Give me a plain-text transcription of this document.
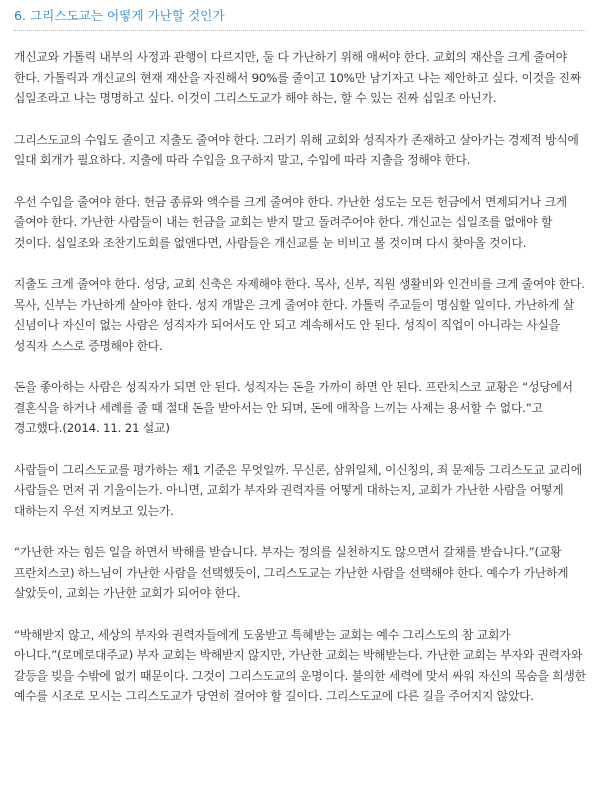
6. 그리스도교는 어떻게 가난할 것인가

개신교와 가톨릭 내부의 사정과 관행이 다르지만, 둘 다 가난하기 위해 애써야 한다. 교회의 재산을 크게 줄여야 한다. 가톨릭과 개신교의 현재 재산을 자진해서 90%를 줄이고 10%만 남기자고 나는 제안하고 싶다. 이것을 진짜 십일조라고 나는 명명하고 싶다. 이것이 그리스도교가 해야 하는, 할 수 있는 진짜 십일조 아닌가.

그리스도교의 수입도 줄이고 지출도 줄여야 한다. 그러기 위해 교회와 성직자가 존재하고 살아가는 경제적 방식에 일대 회개가 필요하다. 지출에 따라 수입을 요구하지 말고, 수입에 따라 지출을 정해야 한다.

우선 수입을 줄여야 한다. 헌금 종류와 액수를 크게 줄여야 한다. 가난한 성도는 모든 헌금에서 면제되거나 크게 줄여야 한다. 가난한 사람들이 내는 헌금을 교회는 받지 말고 돌려주어야 한다. 개신교는 십일조를 없애야 할 것이다. 십일조와 조찬기도회를 없앤다면, 사람들은 개신교를 눈 비비고 볼 것이며 다시 찾아올 것이다.

지출도 크게 줄여야 한다. 성당, 교회 신축은 자제해야 한다. 목사, 신부, 직원 생활비와 인건비를 크게 줄여야 한다. 목사, 신부는 가난하게 살아야 한다. 성지 개발은 크게 줄여야 한다. 가톨릭 주교들이 명심할 일이다. 가난하게 살 신념이나 자신이 없는 사람은 성직자가 되어서도 안 되고 계속해서도 안 된다. 성직이 직업이 아니라는 사실을 성직자 스스로 증명해야 한다.

돈을 좋아하는 사람은 성직자가 되면 안 된다. 성직자는 돈을 가까이 하면 안 된다. 프란치스코 교황은 “성당에서 결혼식을 하거나 세례를 줄 때 절대 돈을 받아서는 안 되며, 돈에 애착을 느끼는 사제는 용서할 수 없다.”고 경고했다.(2014. 11. 21 설교)

사람들이 그리스도교를 평가하는 제1 기준은 무엇일까. 무신론, 삼위일체, 이신칭의, 죄 문제등 그리스도교 교리에 사람들은 먼저 귀 기울이는가. 아니면, 교회가 부자와 권력자를 어떻게 대하는지, 교회가 가난한 사람을 어떻게 대하는지 우선 지켜보고 있는가.

“가난한 자는 힘든 일을 하면서 박해를 받습니다. 부자는 정의를 실천하지도 않으면서 갈채를 받습니다.”(교황 프란치스코) 하느님이 가난한 사람을 선택했듯이, 그리스도교는 가난한 사람을 선택해야 한다. 예수가 가난하게 살았듯이, 교회는 가난한 교회가 되어야 한다.

“박해받지 않고, 세상의 부자와 권력자들에게 도움받고 특혜받는 교회는 예수 그리스도의 참 교회가 아니다.”(로메로대주교) 부자 교회는 박해받지 않지만, 가난한 교회는 박해받는다. 가난한 교회는 부자와 권력자와 갈등을 빚을 수밖에 없기 때문이다. 그것이 그리스도교의 운명이다. 불의한 세력에 맞서 싸워 자신의 목숨을 희생한 예수를 시조로 모시는 그리스도교가 당연히 걸어야 할 길이다. 그리스도교에 다른 길을 주어지지 않았다.
